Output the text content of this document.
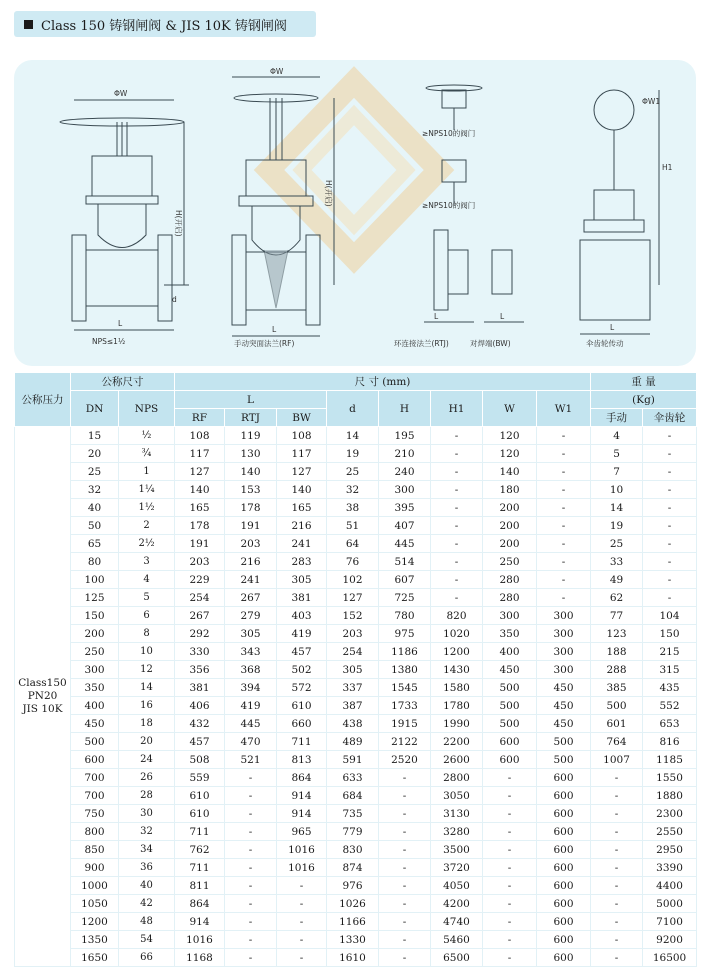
Class 150 铸钢闸阀 & JIS 10K 铸钢闸阀
ΦW
H(开启)
d
L
NPS≤1½
ΦW
H(开启)
L
手动突面法兰(RF)
≥NPS10的阀门
≥NPS10的阀门
L	L
环连接法兰(RTJ)	对焊端(BW)
ΦW1
H1
L
伞齿轮传动
公称压力	公称尺寸		尺 寸 (mm)								重 量	
	DN	NPS	L			d	H	H1	W	W1	(Kg)	
			RF	RTJ	BW						手动	伞齿轮

Class150
PN20
JIS 10K	15	½	108	119	108	14	195	-	120	-	4	-
	20	¾	117	130	117	19	210	-	120	-	5	-
	25	1	127	140	127	25	240	-	140	-	7	-
	32	1¼	140	153	140	32	300	-	180	-	10	-
	40	1½	165	178	165	38	395	-	200	-	14	-
	50	2	178	191	216	51	407	-	200	-	19	-
	65	2½	191	203	241	64	445	-	200	-	25	-
	80	3	203	216	283	76	514	-	250	-	33	-
	100	4	229	241	305	102	607	-	280	-	49	-
	125	5	254	267	381	127	725	-	280	-	62	-
	150	6	267	279	403	152	780	820	300	300	77	104
	200	8	292	305	419	203	975	1020	350	300	123	150
	250	10	330	343	457	254	1186	1200	400	300	188	215
	300	12	356	368	502	305	1380	1430	450	300	288	315
	350	14	381	394	572	337	1545	1580	500	450	385	435
	400	16	406	419	610	387	1733	1780	500	450	500	552
	450	18	432	445	660	438	1915	1990	500	450	601	653
	500	20	457	470	711	489	2122	2200	600	500	764	816
	600	24	508	521	813	591	2520	2600	600	500	1007	1185
	700	26	559	-	864	633	-	2800	-	600	-	1550
	700	28	610	-	914	684	-	3050	-	600	-	1880
	750	30	610	-	914	735	-	3130	-	600	-	2300
	800	32	711	-	965	779	-	3280	-	600	-	2550
	850	34	762	-	1016	830	-	3500	-	600	-	2950
	900	36	711	-	1016	874	-	3720	-	600	-	3390
	1000	40	811	-	-	976	-	4050	-	600	-	4400
	1050	42	864	-	-	1026	-	4200	-	600	-	5000
	1200	48	914	-	-	1166	-	4740	-	600	-	7100
	1350	54	1016	-	-	1330	-	5460	-	600	-	9200
	1650	66	1168	-	-	1610	-	6500	-	600	-	16500
